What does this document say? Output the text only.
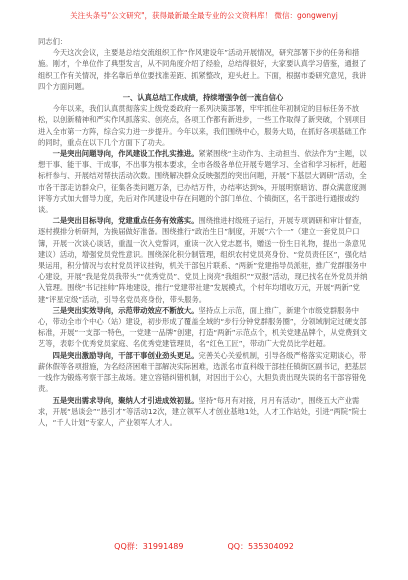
关注头条号"公文研究"，获得最新最全最专业的公文资料库！ 微信：gongwenyj

同志们：

今天这次会议，主要是总结交流组织工作“作风建设年”活动开展情况，研究部署下步的任务和措施。刚才，个单位作了典型发言，从不同角度介绍了经验，总结得很好，大家要认真学习借鉴，通报了组织工作有关情况，排名靠后单位要找准差距、抓紧整改，迎头赶上。下面，根据市委研究意见，我讲四个方面问题。

一、认真总结工作成绩，持续增强争创一流自信心

今年以来，我们认真贯彻落实上级党委政府一系列决策部署，牢牢抓住年初制定的目标任务不放松，以创新精神和严实作风抓落实、创亮点，各项工作都有新进步，一些工作取得了新突破，个别项目进入全市第一方阵，综合实力进一步提升。今年以来，我们围绕中心，服务大局，在抓好各项基础工作的同时，重点在以下几个方面下了功夫。

一是突出问题导向，作风建设工作扎实推进。紧紧围绕“主动作为、主动担当、依法作为”主题，以想干事、能干事、干成事，不出事为根本要求，全市各级各单位开展专题学习、全省和学习标杆，赶超标杆参与、开展结对帮扶活动次数。围绕解决群众反映强烈的突出问题，开展“下基层大调研”活动，全市各干部走访群众户，征集各类问题万条，已办结万件，办结率达到%，开展明察暗访、群众满意度测评等方式加大督导力度，先后对作风建设中存在问题的个部门单位、个镇街区，名干部进行通报或约谈。

二是突出目标导向，党建重点任务有效落实。围绕推进村级班子运行，开展专项调研和审计督查，逐村摸排分析研判，为换届做好准备。围绕推行“政治生日”制度，开展“六个一”（建立一套党员户口簿，开展一次谈心谈话，重温一次入党誓词，重读一次入党志愿书，赠送一份生日礼物，提出一条意见建议）活动，增强党员党性意识。围绕深化积分制管理，组织农村党员亮身份、“党员责任区”，强化结果运用，积分情况与农村党员评议挂钩，机关干部包片联系、“两新”党建指导员派驻，推广党群服务中心建设，开展“我是党员我带头”“优秀党员”、党员上岗亮“我组织”“双报”活动，现已找名在外党员并纳入管理。围绕“书记挂帅”阵地建设，推行“党建带社建”发展模式，个村年均增收万元，开展“两新”党建“评星定级”活动，引导名党员亮身份，带头服务。

三是突出实效导向，示范带动效应不断放大。坚持点上示范，面上推广，新建个市级党群服务中心，带动全市个中心（站）建设，初步形成了覆盖全域的“步行分钟党群服务圈”，分领域制定过硬支部标准，开展“一支部一特色，一党建一品牌”创建，打造“两新”示范点个，机关党建品牌个，从党费到文艺等，表彰个优秀党员家庭、名优秀党建管理员，名“红色工匠”，带动广大党员比学赶超。

四是突出激励导向，干部干事创业劲头更足。完善关心关爱机制，引导各级严格落实定期谈心，带薪休假等各项措施，为名经济困难干部解决实际困难，选派名市直科级干部挂任镇街区副书记，把基层一线作为锻炼考察干部主战场。建立容错纠错机制，对因出于公心，大胆负责出现失误的名干部容错免责。

五是突出需求导向，聚纳人才引进成效初显。坚持“每月有对接，月月有活动”，围绕五大产业需求，开展“恳谈会”“恳引才”等活动12次，建立领军人才创业基地1处，人才工作站处，引进“两院”院士人，“千人计划”专家人，产业领军人才人。

QQ群：31991489	QQ：535304092
